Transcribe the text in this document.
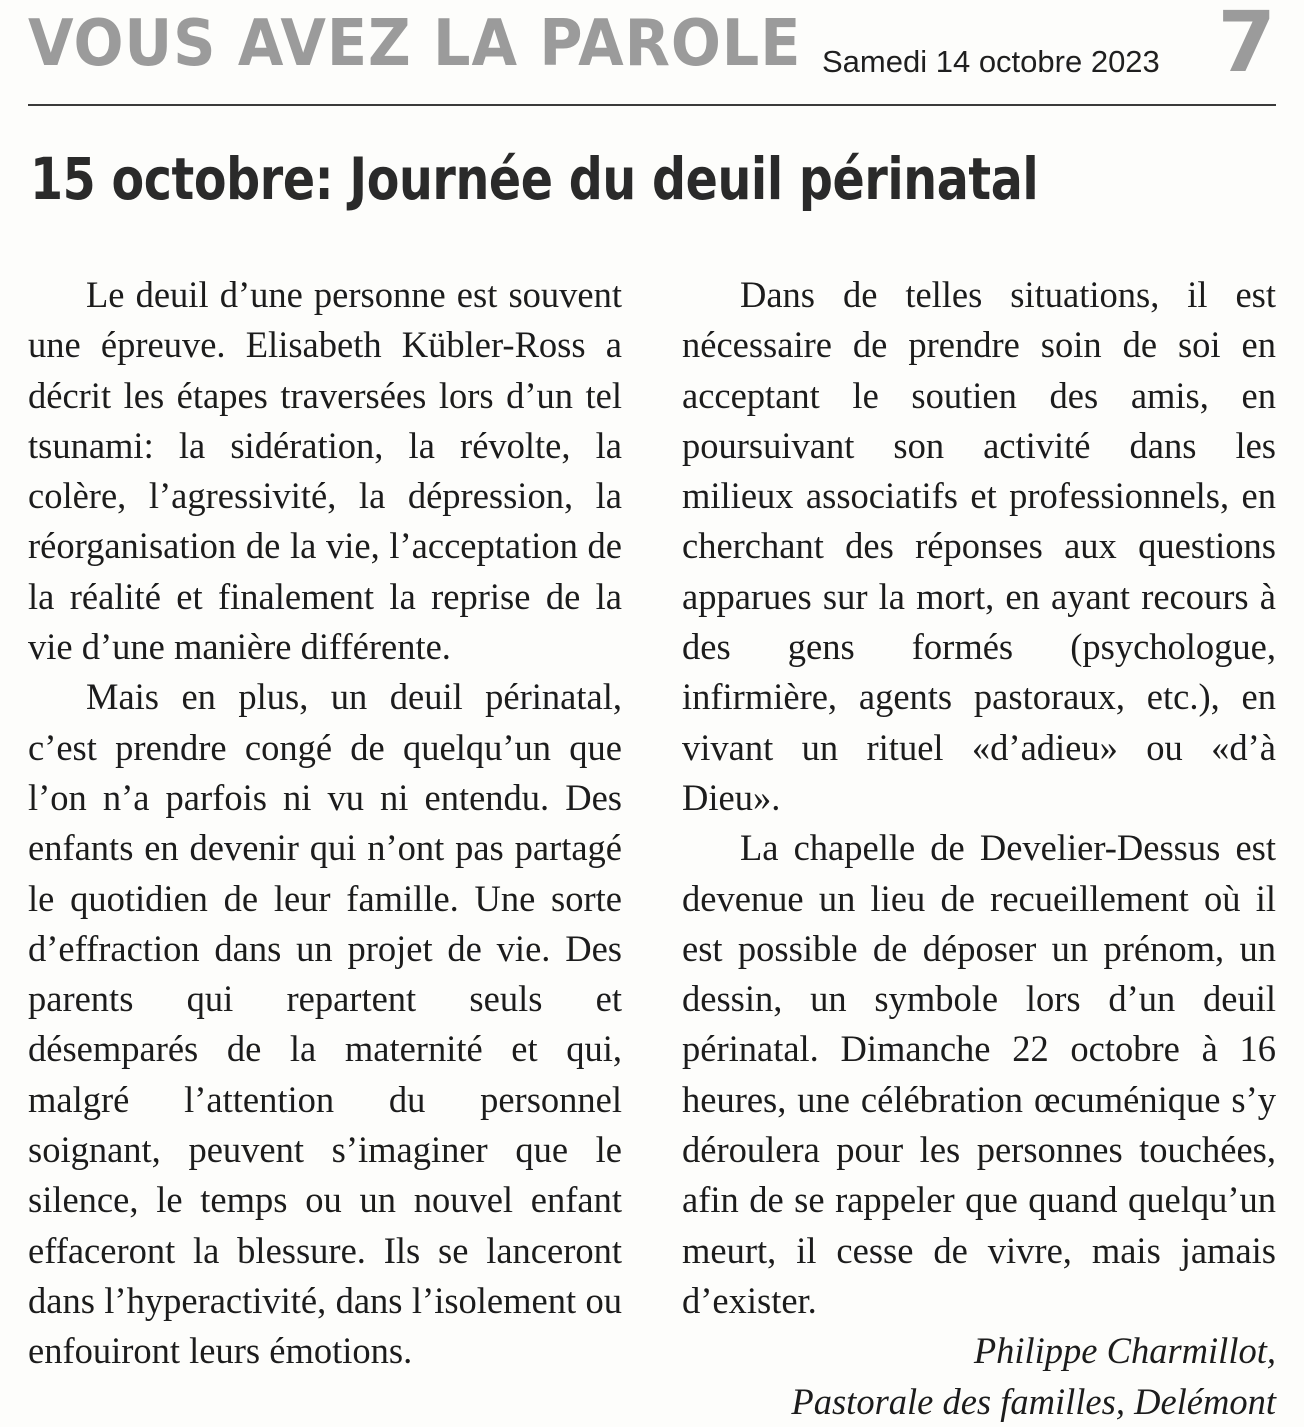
VOUS AVEZ LA PAROLE Samedi 14 octobre 2023 7
15 octobre: Journée du deuil périnatal

Le deuil d’une personne est souvent une épreuve. Elisabeth Kübler-Ross a décrit les étapes traversées lors d’un tel tsunami: la sidération, la révolte, la colère, l’agressivité, la dépression, la réorganisation de la vie, l’acceptation de la réalité et finalement la reprise de la vie d’une manière différente.

Mais en plus, un deuil périnatal, c’est prendre congé de quelqu’un que l’on n’a parfois ni vu ni entendu. Des enfants en devenir qui n’ont pas partagé le quotidien de leur famille. Une sorte d’effraction dans un projet de vie. Des parents qui repartent seuls et désemparés de la maternité et qui, malgré l’attention du personnel soignant, peuvent s’imaginer que le silence, le temps ou un nouvel enfant effaceront la blessure. Ils se lanceront dans l’hyperactivité, dans l’isolement ou enfouiront leurs émotions.

Dans de telles situations, il est nécessaire de prendre soin de soi en acceptant le soutien des amis, en poursuivant son activité dans les milieux associatifs et professionnels, en cherchant des réponses aux questions apparues sur la mort, en ayant recours à des gens formés (psychologue, infirmière, agents pastoraux, etc.), en vivant un rituel «d’adieu» ou «d’à Dieu».

La chapelle de Develier-Dessus est devenue un lieu de recueillement où il est possible de déposer un prénom, un dessin, un symbole lors d’un deuil périnatal. Dimanche 22 octobre à 16 heures, une célébration œcuménique s’y déroulera pour les personnes touchées, afin de se rappeler que quand quelqu’un meurt, il cesse de vivre, mais jamais d’exister.

Philippe Charmillot,
Pastorale des familles, Delémont
